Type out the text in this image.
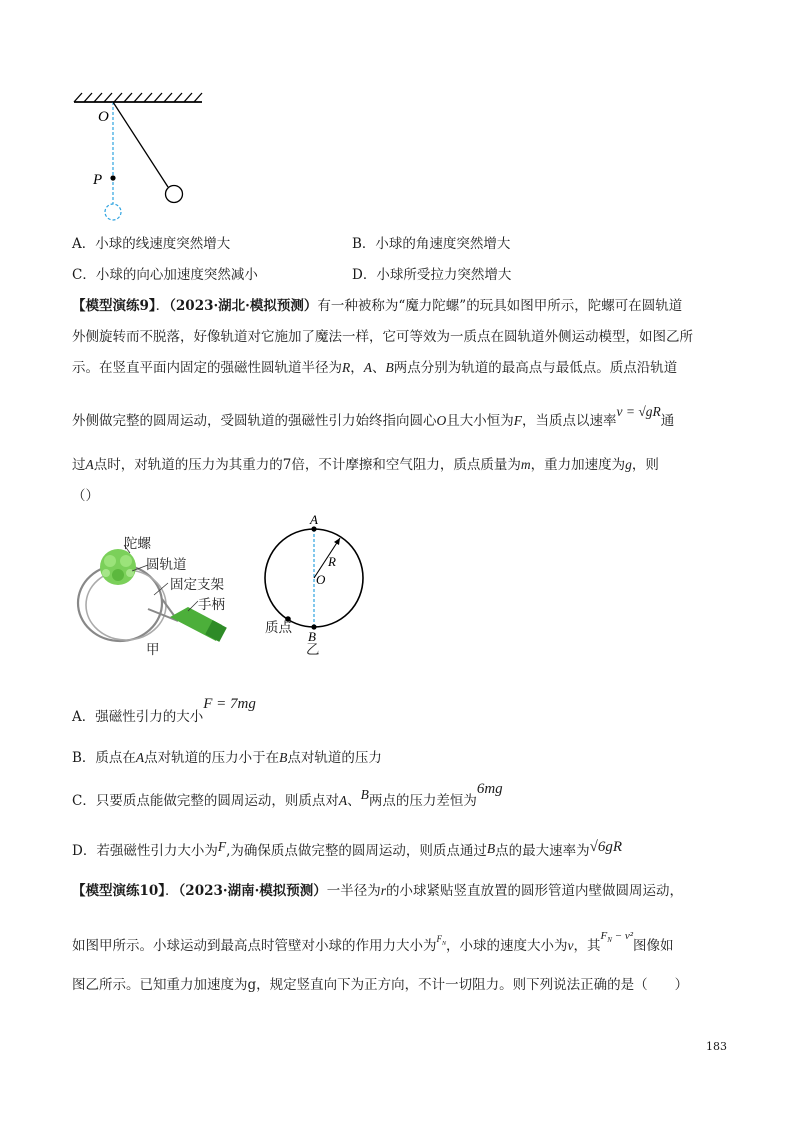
O
P
A．小球的线速度突然增大	B．小球的角速度突然增大
C．小球的向心加速度突然减小	D．小球所受拉力突然增大
【模型演练9】．（2023·湖北·模拟预测）有一种被称为“魔力陀螺”的玩具如图甲所示，陀螺可在圆轨道
外侧旋转而不脱落，好像轨道对它施加了魔法一样，它可等效为一质点在圆轨道外侧运动模型，如图乙所
示。在竖直平面内固定的强磁性圆轨道半径为R，A、B两点分别为轨道的最高点与最低点。质点沿轨道
外侧做完整的圆周运动，受圆轨道的强磁性引力始终指向圆心O且大小恒为F，当质点以速率v = √gR通
过A点时，对轨道的压力为其重力的7倍，不计摩擦和空气阻力，质点质量为m，重力加速度为g，则
（）
陀螺
圆轨道
固定支架
手柄
甲
A
R
O
B
质点
乙
A．强磁性引力的大小F = 7mg
B．质点在A点对轨道的压力小于在B点对轨道的压力
C．只要质点能做完整的圆周运动，则质点对A、B两点的压力差恒为6mg
D．若强磁性引力大小为F,为确保质点做完整的圆周运动，则质点通过B点的最大速率为√6gR
【模型演练10】．（2023·湖南·模拟预测）一半径为r的小球紧贴竖直放置的圆形管道内壁做圆周运动，
如图甲所示。小球运动到最高点时管壁对小球的作用力大小为$^{F_N}$，小球的速度大小为v，其$^{F_N - v^2}$图像如
图乙所示。已知重力加速度为g，规定竖直向下为正方向，不计一切阻力。则下列说法正确的是（　　）
183
